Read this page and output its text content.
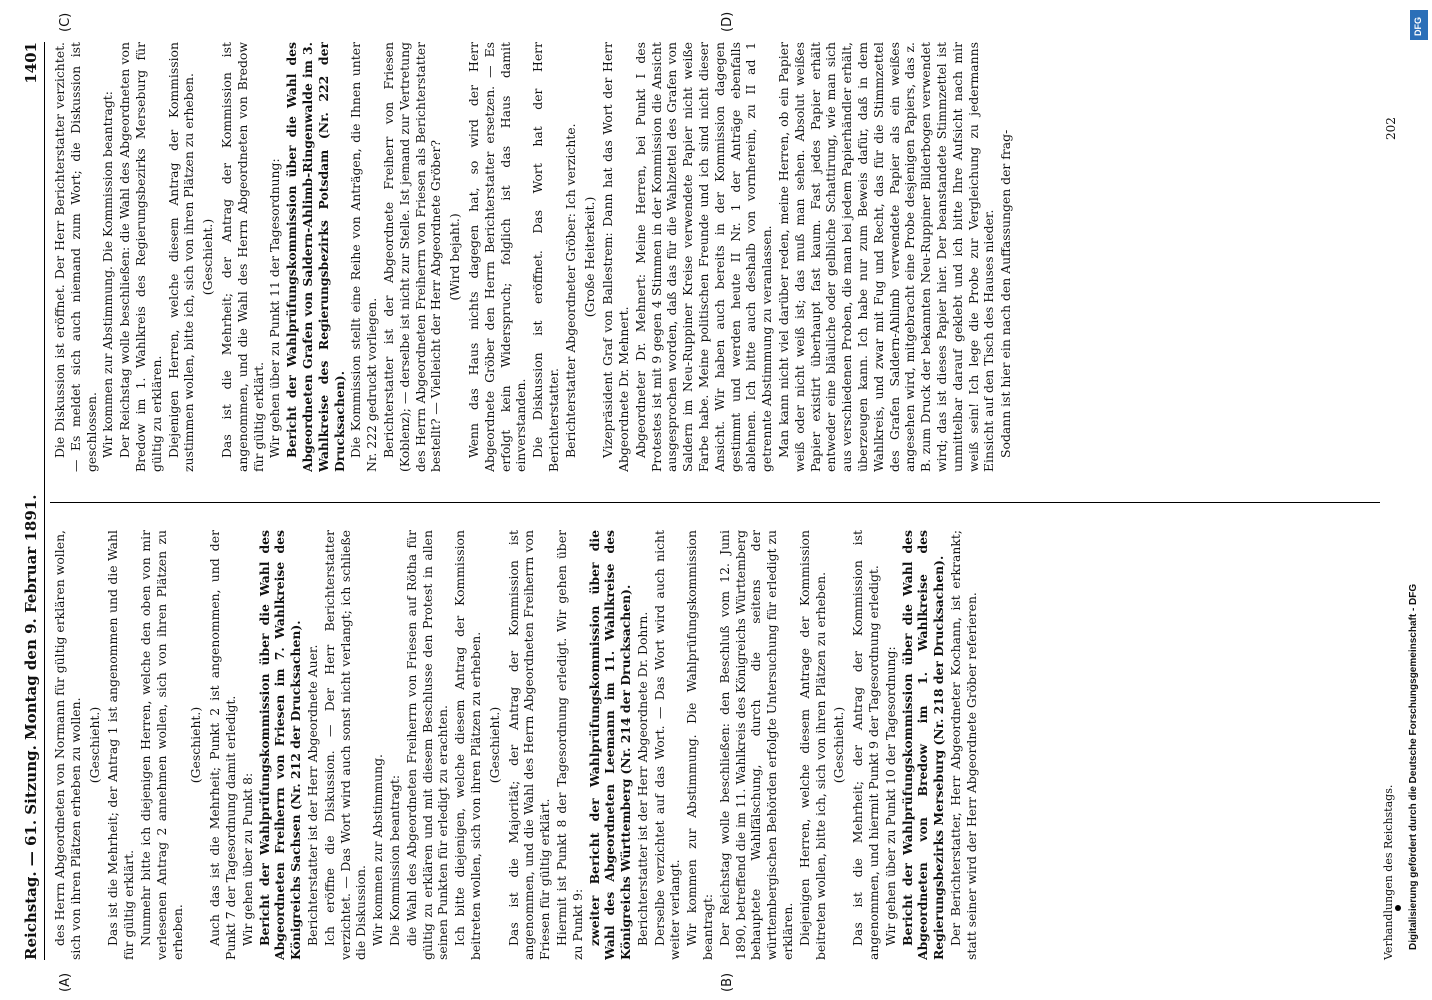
Reichstag. — 61. Sitzung. Montag den 9. Februar 1891.
1401
(A)	(B)
(C)	(D)

des Herrn Abgeordneten von Normann für gültig erklären wollen, sich von ihren Plätzen erheben zu wollen. (Geschieht.) Das ist die Mehrheit; der Antrag 1 ist angenommen und die Wahl für gültig erklärt. Nunmehr bitte ich diejenigen Herren, welche den oben von mir verlesenen Antrag 2 annehmen wollen, sich von ihren Plätzen zu erheben.

(Geschieht.) Auch das ist die Mehrheit; Punkt 2 ist angenommen, und der Punkt 7 der Tagesordnung damit erledigt. Wir gehen über zu Punkt 8: Bericht der Wahlprüfungskommission über die Wahl des Abgeordneten Freiherrn von Friesen im 7. Wahlkreise des Königreichs Sachsen (Nr. 212 der Drucksachen). Berichterstatter ist der Herr Abgeordnete Auer. Ich eröffne die Diskussion. — Der Herr Berichterstatter verzichtet. — Das Wort wird auch sonst nicht verlangt; ich schließe die Diskussion. Wir kommen zur Abstimmung. Die Kommission beantragt: die Wahl des Abgeordneten Freiherrn von Friesen auf Rötha für gültig zu erklären und mit diesem Beschlusse den Protest in allen seinen Punkten für erledigt zu erachten. Ich bitte diejenigen, welche diesem Antrag der Kommission beitreten wollen, sich von ihren Plätzen zu erheben. (Geschieht.) Das ist die Majorität; der Antrag der Kommission ist angenommen, und die Wahl des Herrn Abgeordneten Freiherrn von Friesen für gültig erklärt. Hiermit ist Punkt 8 der Tagesordnung erledigt. Wir gehen über zu Punkt 9: zweiter Bericht der Wahlprüfungskommission über die Wahl des Abgeordneten Leemann im 11. Wahlkreise des Königreichs Württemberg (Nr. 214 der Drucksachen). Berichterstatter ist der Herr Abgeordnete Dr. Dohrn. Derselbe verzichtet auf das Wort. — Das Wort wird auch nicht weiter verlangt. Wir kommen zur Abstimmung. Die Wahlprüfungskommission beantragt: Der Reichstag wolle beschließen: den Beschluß vom 12. Juni 1890, betreffend die im 11. Wahlkreis des Königreichs Württemberg behauptete Wahlfälschung, durch die seitens der württembergischen Behörden erfolgte Untersuchung für erledigt zu erklären. Diejenigen Herren, welche diesem Antrage der Kommission beitreten wollen, bitte ich, sich von ihren Plätzen zu erheben. (Geschieht.) Das ist die Mehrheit; der Antrag der Kommission ist angenommen, und hiermit Punkt 9 der Tagesordnung erledigt. Wir gehen über zu Punkt 10 der Tagesordnung: Bericht der Wahlprüfungskommission über die Wahl des Abgeordneten von Bredow im 1. Wahlkreise des Regierungsbezirks Merseburg (Nr. 218 der Drucksachen). Der Berichterstatter, Herr Abgeordneter Kochann, ist erkrankt; statt seiner wird der Herr Abgeordnete Gröber referieren.

Die Diskussion ist eröffnet. Der Herr Berichterstatter verzichtet. — Es meldet sich auch niemand zum Wort; die Diskussion ist geschlossen. Wir kommen zur Abstimmung. Die Kommission beantragt: Der Reichstag wolle beschließen: die Wahl des Abgeordneten von Bredow im 1. Wahlkreis des Regierungsbezirks Merseburg für gültig zu erklären. Diejenigen Herren, welche diesem Antrag der Kommission zustimmen wollen, bitte ich, sich von ihren Plätzen zu erheben. (Geschieht.) Das ist die Mehrheit; der Antrag der Kommission ist angenommen, und die Wahl des Herrn Abgeordneten von Bredow für gültig erklärt. Wir gehen über zu Punkt 11 der Tagesordnung: Bericht der Wahlprüfungskommission über die Wahl des Abgeordneten Grafen von Saldern-Ahlimb-Ringenwalde im 3. Wahlkreise des Regierungsbezirks Potsdam (Nr. 222 der Drucksachen). Die Kommission stellt eine Reihe von Anträgen, die Ihnen unter Nr. 222 gedruckt vorliegen. Berichterstatter ist der Abgeordnete Freiherr von Friesen (Koblenz); — derselbe ist nicht zur Stelle. Ist jemand zur Vertretung des Herrn Abgeordneten Freiherrn von Friesen als Berichterstatter bestellt? — Vielleicht der Herr Abgeordnete Gröber? (Wird bejaht.) Wenn das Haus nichts dagegen hat, so wird der Herr Abgeordnete Gröber den Herrn Berichterstatter ersetzen. — Es erfolgt kein Widerspruch; folglich ist das Haus damit einverstanden. Die Diskussion ist eröffnet. Das Wort hat der Herr Berichterstatter. Berichterstatter Abgeordneter Gröber: Ich verzichte. (Große Heiterkeit.) Vizepräsident Graf von Ballestrem: Dann hat das Wort der Herr Abgeordnete Dr. Mehnert. Abgeordneter Dr. Mehnert: Meine Herren, bei Punkt I des Protestes ist mit 9 gegen 4 Stimmen in der Kommission die Ansicht ausgesprochen worden, daß das für die Wahlzettel des Grafen von Saldern im Neu-Ruppiner Kreise verwendete Papier nicht weiße Farbe habe. Meine politischen Freunde und ich sind nicht dieser Ansicht. Wir haben auch bereits in der Kommission dagegen gestimmt und werden heute II Nr. 1 der Anträge ebenfalls ablehnen. Ich bitte auch deshalb von vornherein, zu II ad 1 getrennte Abstimmung zu veranlassen. Man kann nicht viel darüber reden, meine Herren, ob ein Papier weiß oder nicht weiß ist; das muß man sehen. Absolut weißes Papier existirt überhaupt fast kaum. Fast jedes Papier erhält entweder eine bläuliche oder gelbliche Schattirung, wie man sich aus verschiedenen Proben, die man bei jedem Papierhändler erhält, überzeugen kann. Ich habe nur zum Beweis dafür, daß in dem Wahlkreis, und zwar mit Fug und Recht, das für die Stimmzettel des Grafen Saldern-Ahlimb verwendete Papier als ein weißes angesehen wird, mitgebracht eine Probe desjenigen Papiers, das z. B. zum Druck der bekannten Neu-Ruppiner Bilderbogen verwendet wird; das ist dieses Papier hier. Der beanstandete Stimmzettel ist unmittelbar darauf geklebt und ich bitte Ihre Aufsicht nach mir weiß sein! Ich lege die Probe zur Vergleichung zu jedermanns Einsicht auf den Tisch des Hauses nieder. Sodann ist hier ein nach den Auffassungen der frag-

Verhandlungen des Reichstags.
202
Digitalisierung gefördert durch die Deutsche Forschungsgemeinschaft - DFG
DFG
